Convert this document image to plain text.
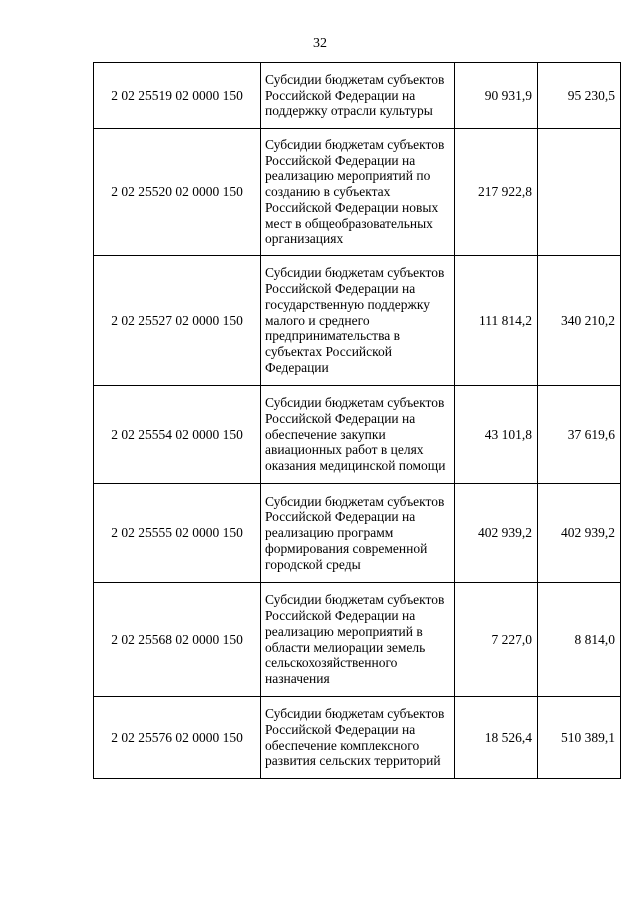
32
2 02 25519 02 0000 150	Субсидии бюджетам субъектов Российской Федерации на поддержку отрасли культуры	90 931,9	95 230,5
2 02 25520 02 0000 150	Субсидии бюджетам субъектов Российской Федерации на реализацию мероприятий по созданию в субъектах Российской Федерации новых мест в общеобразовательных организациях	217 922,8	
2 02 25527 02 0000 150	Субсидии бюджетам субъектов Российской Федерации на государственную поддержку малого и среднего предпринимательства в субъектах Российской Федерации	111 814,2	340 210,2
2 02 25554 02 0000 150	Субсидии бюджетам субъектов Российской Федерации на обеспечение закупки авиационных работ в целях оказания медицинской помощи	43 101,8	37 619,6
2 02 25555 02 0000 150	Субсидии бюджетам субъектов Российской Федерации на реализацию программ формирования современной городской среды	402 939,2	402 939,2
2 02 25568 02 0000 150	Субсидии бюджетам субъектов Российской Федерации на реализацию мероприятий в области мелиорации земель сельскохозяйственного назначения	7 227,0	8 814,0
2 02 25576 02 0000 150	Субсидии бюджетам субъектов Российской Федерации на обеспечение комплексного развития сельских территорий	18 526,4	510 389,1
